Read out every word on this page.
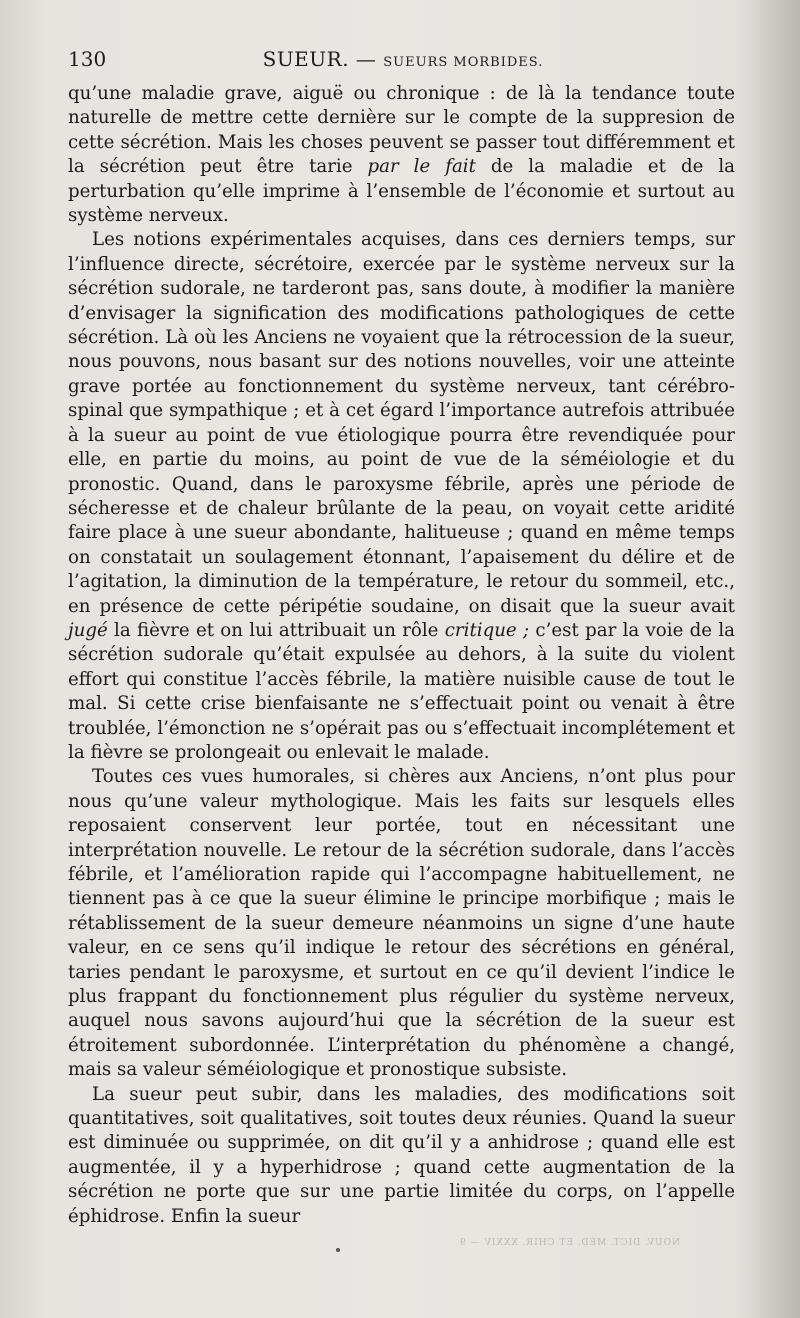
130	SUEUR. — SUEURS MORBIDES.

qu’une maladie grave, aiguë ou chronique : de là la tendance toute naturelle de mettre cette dernière sur le compte de la suppresion de cette sécrétion. Mais les choses peuvent se passer tout différemment et la sécrétion peut être tarie par le fait de la maladie et de la perturbation qu’elle imprime à l’ensemble de l’économie et surtout au système nerveux.

Les notions expérimentales acquises, dans ces derniers temps, sur l’influence directe, sécrétoire, exercée par le système nerveux sur la sécrétion sudorale, ne tarderont pas, sans doute, à modifier la manière d’envisager la signification des modifications pathologiques de cette sécrétion. Là où les Anciens ne voyaient que la rétrocession de la sueur, nous pouvons, nous basant sur des notions nouvelles, voir une atteinte grave portée au fonctionnement du système nerveux, tant cérébro-spinal que sympathique ; et à cet égard l’importance autrefois attribuée à la sueur au point de vue étiologique pourra être revendiquée pour elle, en partie du moins, au point de vue de la séméiologie et du pronostic. Quand, dans le paroxysme fébrile, après une période de sécheresse et de chaleur brûlante de la peau, on voyait cette aridité faire place à une sueur abondante, halitueuse ; quand en même temps on constatait un soulagement étonnant, l’apaisement du délire et de l’agitation, la diminution de la température, le retour du sommeil, etc., en présence de cette péripétie soudaine, on disait que la sueur avait jugé la fièvre et on lui attribuait un rôle critique ; c’est par la voie de la sécrétion sudorale qu’était expulsée au dehors, à la suite du violent effort qui constitue l’accès fébrile, la matière nuisible cause de tout le mal. Si cette crise bienfaisante ne s’effectuait point ou venait à être troublée, l’émonction ne s’opérait pas ou s’effectuait incomplétement et la fièvre se prolongeait ou enlevait le malade.

Toutes ces vues humorales, si chères aux Anciens, n’ont plus pour nous qu’une valeur mythologique. Mais les faits sur lesquels elles reposaient conservent leur portée, tout en nécessitant une interprétation nouvelle. Le retour de la sécrétion sudorale, dans l’accès fébrile, et l’amélioration rapide qui l’accompagne habituellement, ne tiennent pas à ce que la sueur élimine le principe morbifique ; mais le rétablissement de la sueur demeure néanmoins un signe d’une haute valeur, en ce sens qu’il indique le retour des sécrétions en général, taries pendant le paroxysme, et surtout en ce qu’il devient l’indice le plus frappant du fonctionnement plus régulier du système nerveux, auquel nous savons aujourd’hui que la sécrétion de la sueur est étroitement subordonnée. L’interprétation du phénomène a changé, mais sa valeur séméiologique et pronostique subsiste.

La sueur peut subir, dans les maladies, des modifications soit quantitatives, soit qualitatives, soit toutes deux réunies. Quand la sueur est diminuée ou supprimée, on dit qu’il y a anhidrose ; quand elle est augmentée, il y a hyperhidrose ; quand cette augmentation de la sécrétion ne porte que sur une partie limitée du corps, on l’appelle éphidrose. Enfin la sueur

NOUV. DICT. MÉD. ET CHIR. XXXIV — 9
